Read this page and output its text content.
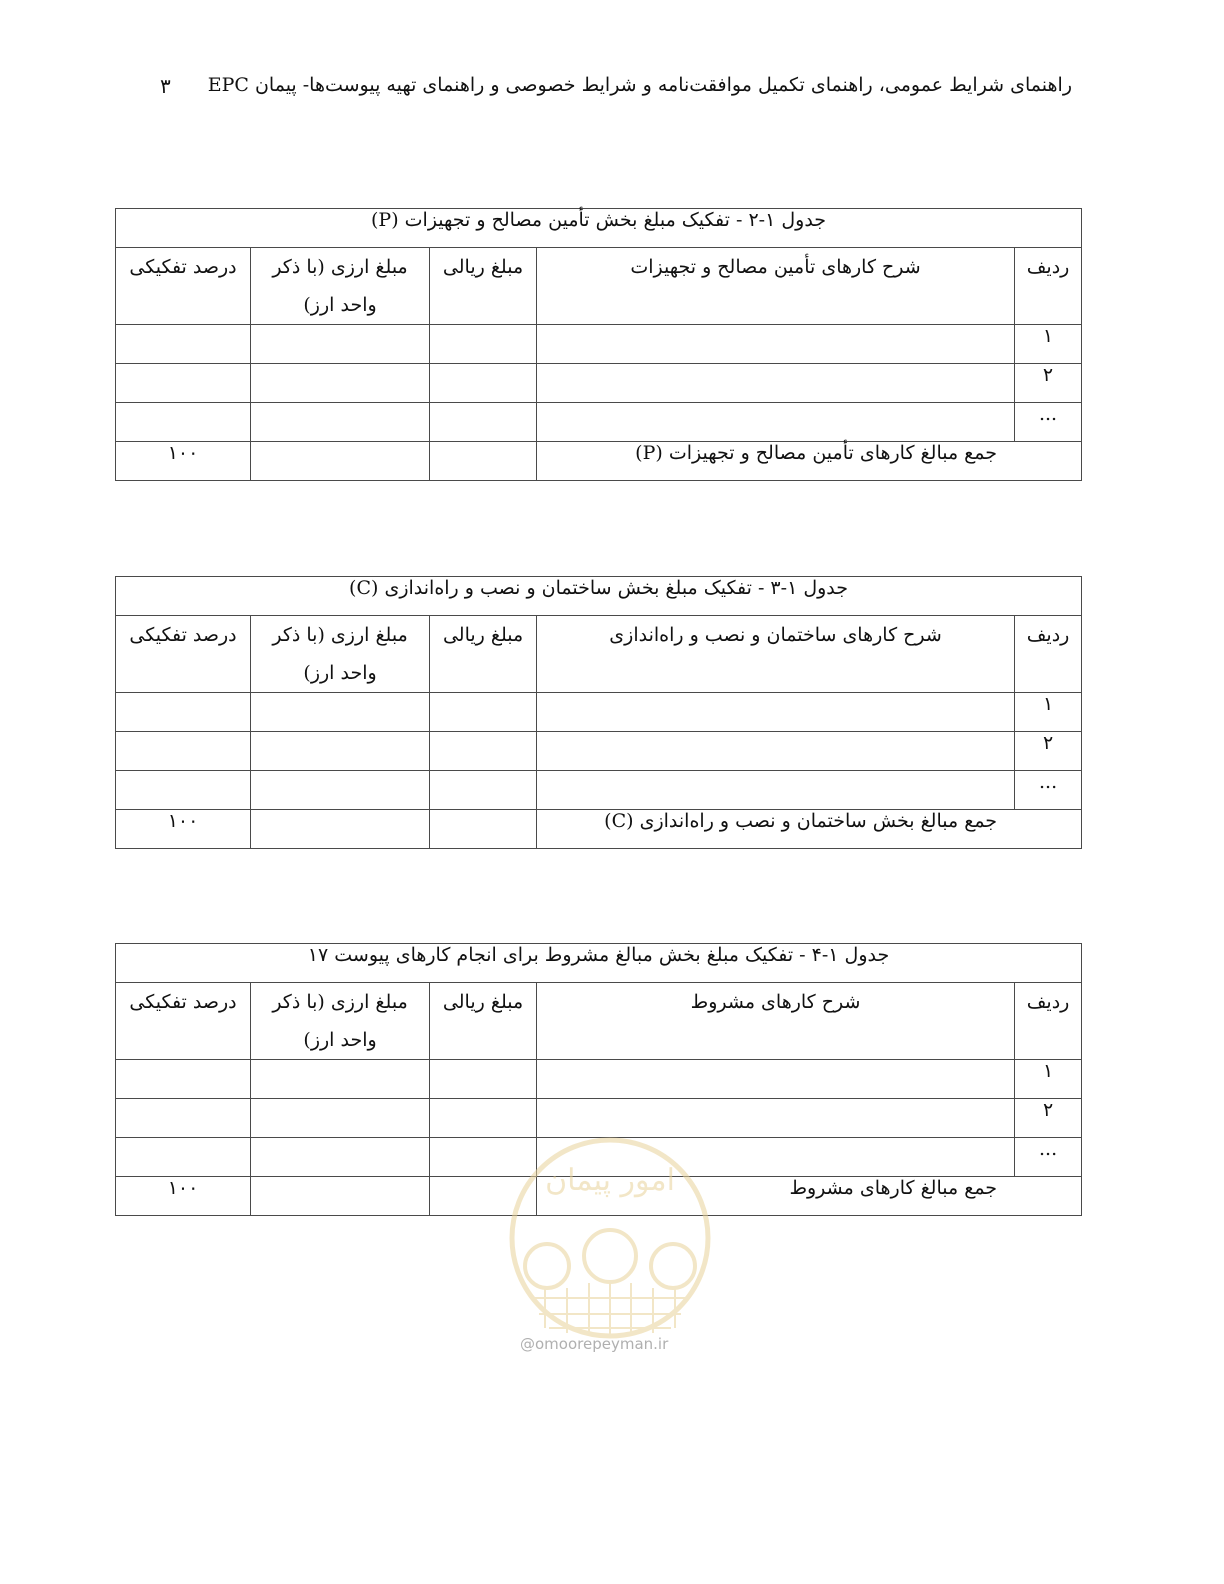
راهنمای شرایط عمومی، راهنمای تکمیل موافقت‌نامه و شرایط خصوصی و راهنمای تهیه پیوست‌ها- پیمان EPC
۳
جدول ۱-۲ - تفکیک مبلغ بخش تأمین مصالح و تجهیزات (P)				
ردیف	شرح کارهای تأمین مصالح و تجهیزات	مبلغ ریالی	مبلغ ارزی (با ذکر واحد ارز)	درصد تفکیکی
۱				
۲				
...				
جمع مبالغ کارهای تأمین مصالح و تجهیزات (P)				۱۰۰
جدول ۱-۳ - تفکیک مبلغ بخش ساختمان و نصب و راه‌اندازی (C)				
ردیف	شرح کارهای ساختمان و نصب و راه‌اندازی	مبلغ ریالی	مبلغ ارزی (با ذکر واحد ارز)	درصد تفکیکی
۱				
۲				
...				
جمع مبالغ بخش ساختمان و نصب و راه‌اندازی (C)				۱۰۰
جدول ۱-۴ - تفکیک مبلغ بخش مبالغ مشروط برای انجام کارهای پیوست ۱۷				
ردیف	شرح کارهای مشروط	مبلغ ریالی	مبلغ ارزی (با ذکر واحد ارز)	درصد تفکیکی
۱				
۲				
...				
جمع مبالغ کارهای مشروط				۱۰۰	امور پیمان
@omoorepeyman.ir
